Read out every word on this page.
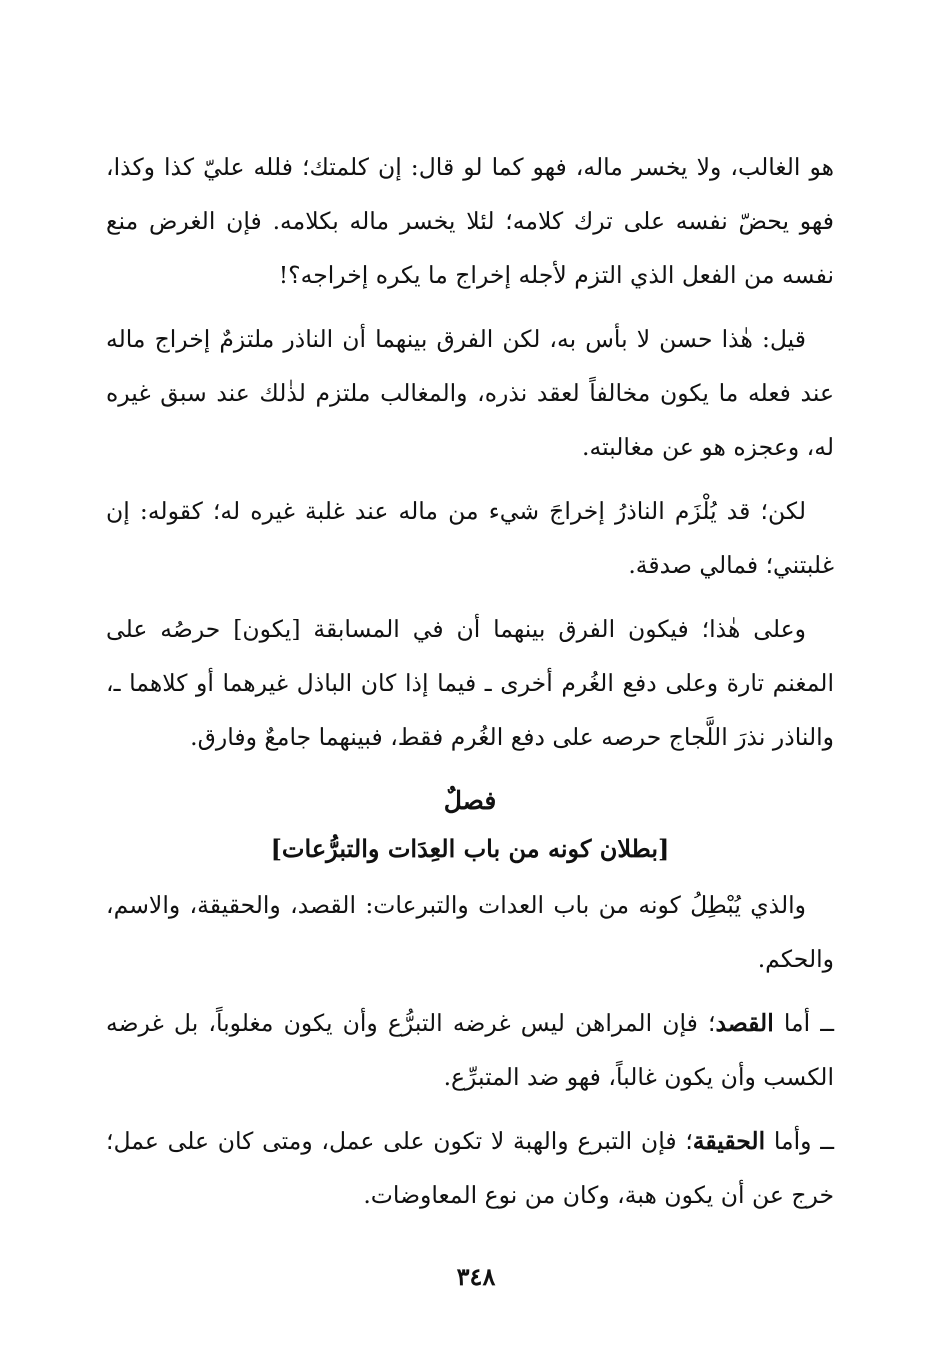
هو الغالب، ولا يخسر ماله، فهو كما لو قال: إن كلمتك؛ فلله عليّ كذا وكذا، فهو يحضّ نفسه على ترك كلامه؛ لئلا يخسر ماله بكلامه. فإن الغرض منع نفسه من الفعل الذي التزم لأجله إخراج ما يكره إخراجه؟!

قيل: هٰذا حسن لا بأس به، لكن الفرق بينهما أن الناذر ملتزمٌ إخراج ماله عند فعله ما يكون مخالفاً لعقد نذره، والمغالب ملتزم لذٰلك عند سبق غيره له، وعجزه هو عن مغالبته.

لكن؛ قد يُلْزَم الناذرُ إخراجَ شيء من ماله عند غلبة غيره له؛ كقوله: إن غلبتني؛ فمالي صدقة.

وعلى هٰذا؛ فيكون الفرق بينهما أن في المسابقة [يكون] حرصُه على المغنم تارة وعلى دفع الغُرم أخرى ـ فيما إذا كان الباذل غيرهما أو كلاهما ـ، والناذر نذرَ اللَّجاج حرصه على دفع الغُرم فقط، فبينهما جامعٌ وفارق.

فصلٌ
[بطلان كونه من باب العِدَات والتبرُّعات]

والذي يُبْطِلُ كونه من باب العدات والتبرعات: القصد، والحقيقة، والاسم، والحكم.

ــ أما القصد؛ فإن المراهن ليس غرضه التبرُّع وأن يكون مغلوباً، بل غرضه الكسب وأن يكون غالباً، فهو ضد المتبرِّع.

ــ وأما الحقيقة؛ فإن التبرع والهبة لا تكون على عمل، ومتى كان على عمل؛ خرج عن أن يكون هبة، وكان من نوع المعاوضات.

٣٤٨
